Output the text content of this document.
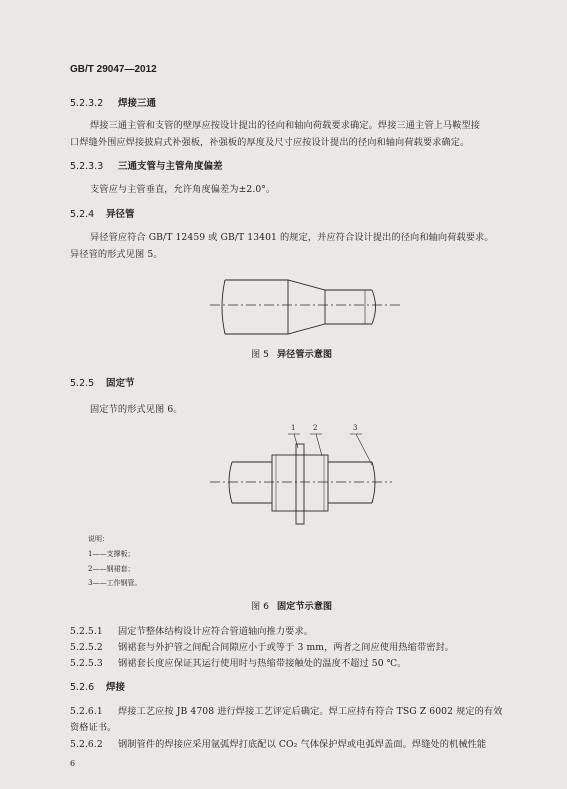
GB/T 29047—2012
5.2.3.2 焊接三通
焊接三通主管和支管的壁厚应按设计提出的径向和轴向荷载要求确定。焊接三通主管上马鞍型接
口焊缝外围应焊接披肩式补强板，补强板的厚度及尺寸应按设计提出的径向和轴向荷载要求确定。
5.2.3.3 三通支管与主管角度偏差
支管应与主管垂直，允许角度偏差为±2.0°。
5.2.4 异径管
异径管应符合 GB/T 12459 或 GB/T 13401 的规定，并应符合设计提出的径向和轴向荷载要求。
异径管的形式见图 5。
图 5 异径管示意图
5.2.5 固定节
固定节的形式见图 6。
1	2	3
说明：
1——支撑板；
2——钢裙套；
3——工作钢管。
图 6 固定节示意图
5.2.5.1 固定节整体结构设计应符合管道轴向推力要求。
5.2.5.2 钢裙套与外护管之间配合间隙应小于或等于 3 mm，两者之间应使用热缩带密封。
5.2.5.3 钢裙套长度应保证其运行使用时与热缩带接触处的温度不超过 50 ℃。
5.2.6 焊接
5.2.6.1 焊接工艺应按 JB 4708 进行焊接工艺评定后确定。焊工应持有符合 TSG Z 6002 规定的有效
资格证书。
5.2.6.2 钢制管件的焊接应采用氩弧焊打底配以 CO₂ 气体保护焊或电弧焊盖面。焊缝处的机械性能
6
